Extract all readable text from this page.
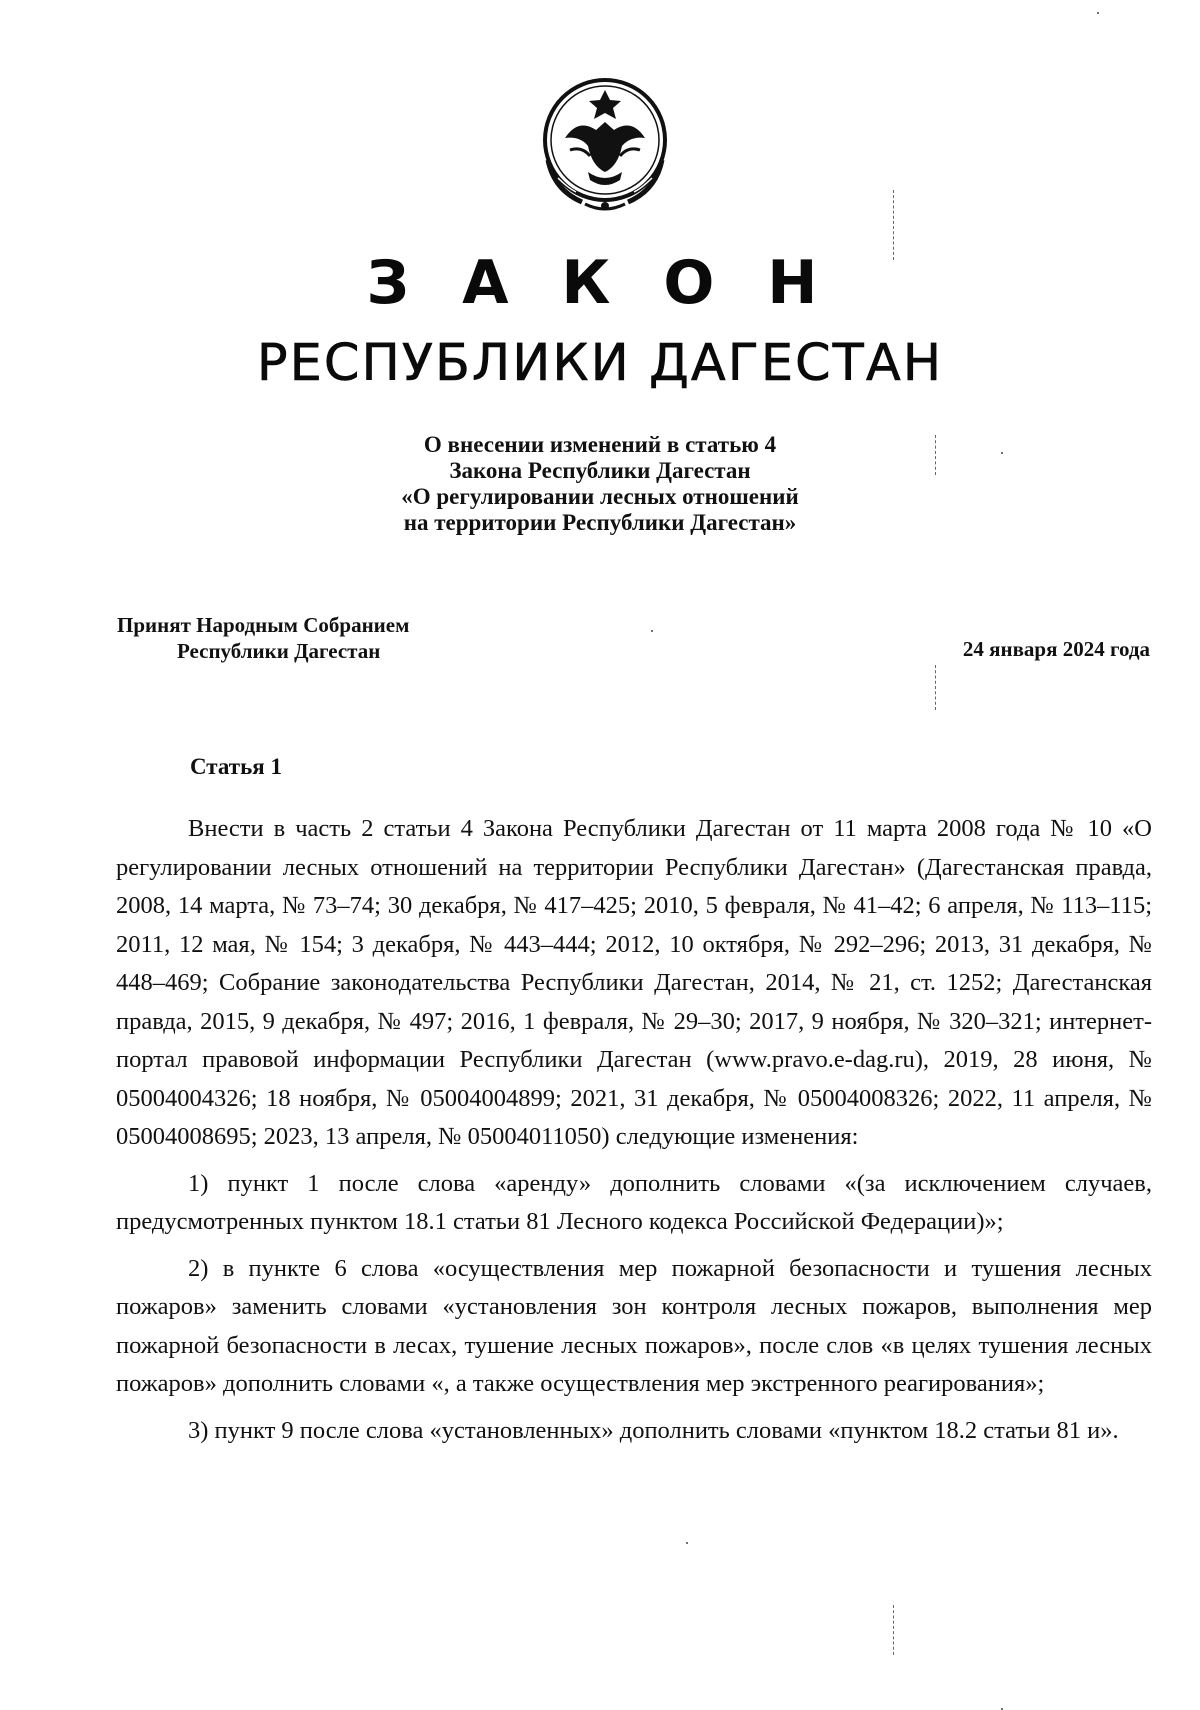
З А К О Н
РЕСПУБЛИКИ ДАГЕСТАН
О внесении изменений в статью 4
Закона Республики Дагестан
«О регулировании лесных отношений
на территории Республики Дагестан»
Принят Народным Собранием
Республики Дагестан	24 января 2024 года
Статья 1

Внести в часть 2 статьи 4 Закона Республики Дагестан от 11 марта 2008 года № 10 «О регулировании лесных отношений на территории Республики Дагестан» (Дагестанская правда, 2008, 14 марта, № 73–74; 30 декабря, № 417–425; 2010, 5 февраля, № 41–42; 6 апреля, № 113–115; 2011, 12 мая, № 154; 3 декабря, № 443–444; 2012, 10 октября, № 292–296; 2013, 31 декабря, № 448–469; Собрание законодательства Республики Дагестан, 2014, № 21, ст. 1252; Дагестанская правда, 2015, 9 декабря, № 497; 2016, 1 февраля, № 29–30; 2017, 9 ноября, № 320–321; интернет-портал правовой информации Республики Дагестан (www.pravo.e-dag.ru), 2019, 28 июня, № 05004004326; 18 ноября, № 05004004899; 2021, 31 декабря, № 05004008326; 2022, 11 апреля, № 05004008695; 2023, 13 апреля, № 05004011050) следующие изменения:

1) пункт 1 после слова «аренду» дополнить словами «(за исключением случаев, предусмотренных пунктом 18.1 статьи 81 Лесного кодекса Российской Федерации)»;

2) в пункте 6 слова «осуществления мер пожарной безопасности и тушения лесных пожаров» заменить словами «установления зон контроля лесных пожаров, выполнения мер пожарной безопасности в лесах, тушение лесных пожаров», после слов «в целях тушения лесных пожаров» дополнить словами «, а также осуществления мер экстренного реагирования»;

3) пункт 9 после слова «установленных» дополнить словами «пунктом 18.2 статьи 81 и».
